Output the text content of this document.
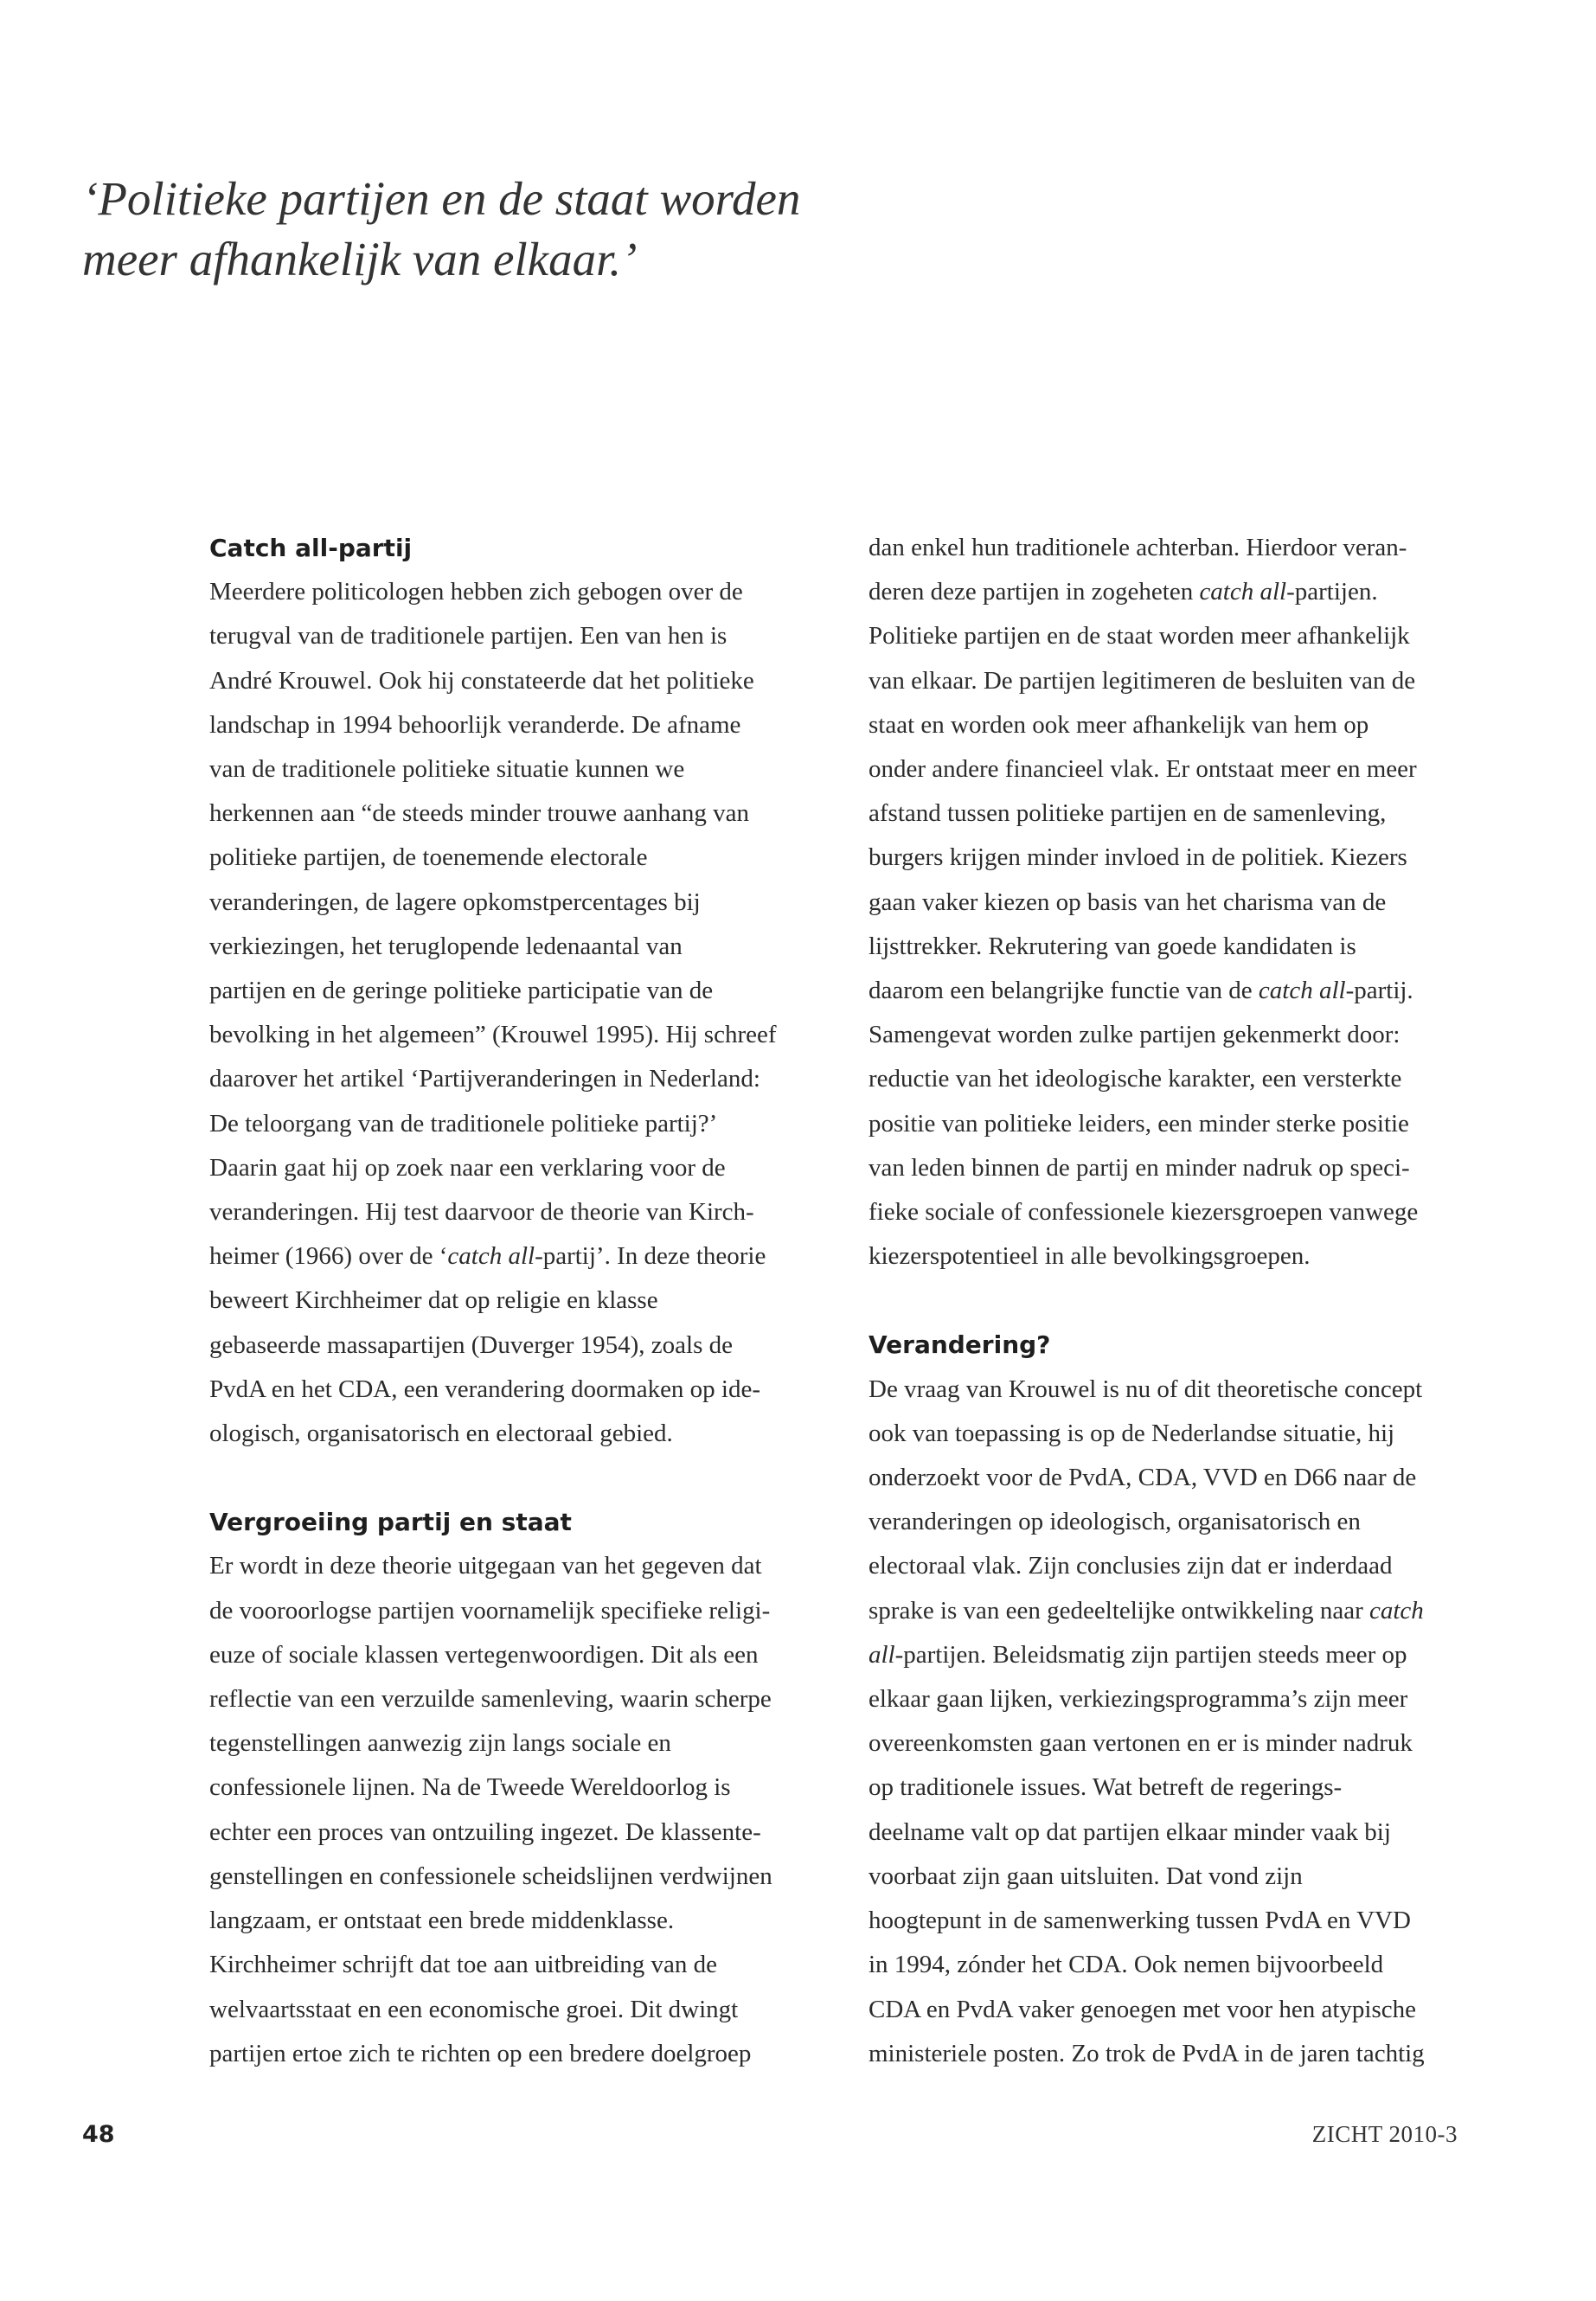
‘Politieke partijen en de staat worden
meer afhankelijk van elkaar.’
Catch all-partij

Meerdere politicologen hebben zich gebogen over de
terugval van de traditionele partijen. Een van hen is
André Krouwel. Ook hij constateerde dat het politieke
landschap in 1994 behoorlijk veranderde. De afname
van de traditionele politieke situatie kunnen we
herkennen aan “de steeds minder trouwe aanhang van
politieke partijen, de toenemende electorale
veranderingen, de lagere opkomstpercentages bij
verkiezingen, het teruglopende ledenaantal van
partijen en de geringe politieke participatie van de
bevolking in het algemeen” (Krouwel 1995). Hij schreef
daarover het artikel ‘Partijveranderingen in Nederland:
De teloorgang van de traditionele politieke partij?’
Daarin gaat hij op zoek naar een verklaring voor de
veranderingen. Hij test daarvoor de theorie van Kirch-
heimer (1966) over de ‘catch all-partij’. In deze theorie
beweert Kirchheimer dat op religie en klasse
gebaseerde massapartijen (Duverger 1954), zoals de
PvdA en het CDA, een verandering doormaken op ide-
ologisch, organisatorisch en electoraal gebied.

Vergroeiing partij en staat

Er wordt in deze theorie uitgegaan van het gegeven dat
de vooroorlogse partijen voornamelijk specifieke religi-
euze of sociale klassen vertegenwoordigen. Dit als een
reflectie van een verzuilde samenleving, waarin scherpe
tegenstellingen aanwezig zijn langs sociale en
confessionele lijnen. Na de Tweede Wereldoorlog is
echter een proces van ontzuiling ingezet. De klassente-
genstellingen en confessionele scheidslijnen verdwijnen
langzaam, er ontstaat een brede middenklasse.
Kirchheimer schrijft dat toe aan uitbreiding van de
welvaartsstaat en een economische groei. Dit dwingt
partijen ertoe zich te richten op een bredere doelgroep

dan enkel hun traditionele achterban. Hierdoor veran-
deren deze partijen in zogeheten catch all-partijen.
Politieke partijen en de staat worden meer afhankelijk
van elkaar. De partijen legitimeren de besluiten van de
staat en worden ook meer afhankelijk van hem op
onder andere financieel vlak. Er ontstaat meer en meer
afstand tussen politieke partijen en de samenleving,
burgers krijgen minder invloed in de politiek. Kiezers
gaan vaker kiezen op basis van het charisma van de
lijsttrekker. Rekrutering van goede kandidaten is
daarom een belangrijke functie van de catch all-partij.
Samengevat worden zulke partijen gekenmerkt door:
reductie van het ideologische karakter, een versterkte
positie van politieke leiders, een minder sterke positie
van leden binnen de partij en minder nadruk op speci-
fieke sociale of confessionele kiezersgroepen vanwege
kiezerspotentieel in alle bevolkingsgroepen.

Verandering?

De vraag van Krouwel is nu of dit theoretische concept
ook van toepassing is op de Nederlandse situatie, hij
onderzoekt voor de PvdA, CDA, VVD en D66 naar de
veranderingen op ideologisch, organisatorisch en
electoraal vlak. Zijn conclusies zijn dat er inderdaad
sprake is van een gedeeltelijke ontwikkeling naar catch
all-partijen. Beleidsmatig zijn partijen steeds meer op
elkaar gaan lijken, verkiezingsprogramma’s zijn meer
overeenkomsten gaan vertonen en er is minder nadruk
op traditionele issues. Wat betreft de regerings-
deelname valt op dat partijen elkaar minder vaak bij
voorbaat zijn gaan uitsluiten. Dat vond zijn
hoogtepunt in de samenwerking tussen PvdA en VVD
in 1994, zónder het CDA. Ook nemen bijvoorbeeld
CDA en PvdA vaker genoegen met voor hen atypische
ministeriele posten. Zo trok de PvdA in de jaren tachtig

48	ZICHT 2010-3
